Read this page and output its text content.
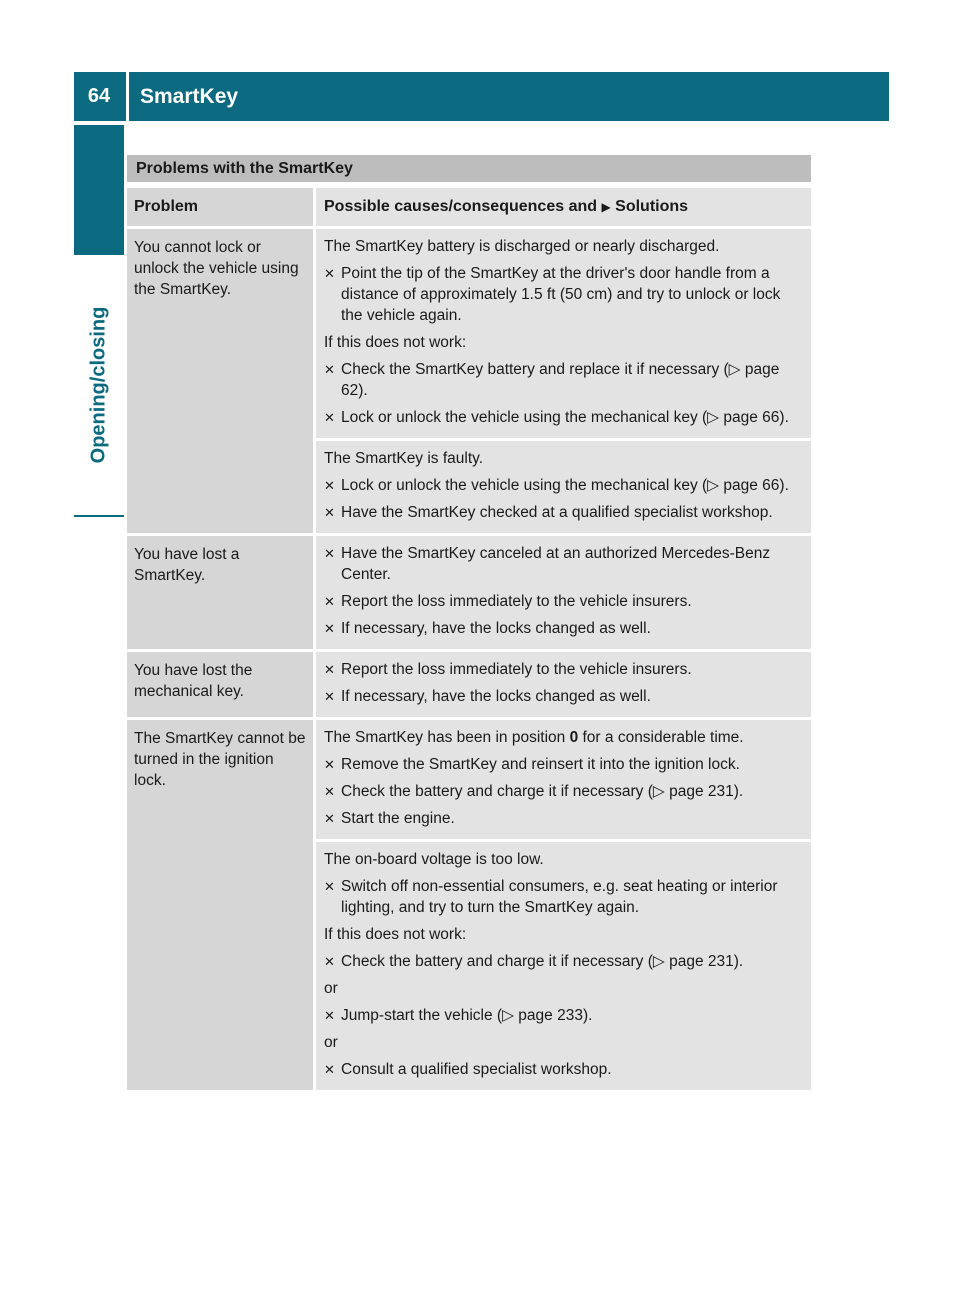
64	SmartKey
Opening/closing
Problems with the SmartKey
Problem	Possible causes/consequences and ▶ Solutions
You cannot lock or unlock the vehicle using the SmartKey.
The SmartKey battery is discharged or nearly discharged.
✕ Point the tip of the SmartKey at the driver's door handle from a distance of approximately 1.5 ft (50 cm) and try to unlock or lock the vehicle again.
If this does not work:
✕ Check the SmartKey battery and replace it if necessary (▷ page 62).
✕ Lock or unlock the vehicle using the mechanical key (▷ page 66).
The SmartKey is faulty.
✕ Lock or unlock the vehicle using the mechanical key (▷ page 66).
✕ Have the SmartKey checked at a qualified specialist workshop.
You have lost a SmartKey.
✕ Have the SmartKey canceled at an authorized Mercedes-Benz Center.
✕ Report the loss immediately to the vehicle insurers.
✕ If necessary, have the locks changed as well.
You have lost the mechanical key.
✕ Report the loss immediately to the vehicle insurers.
✕ If necessary, have the locks changed as well.
The SmartKey cannot be turned in the ignition lock.
The SmartKey has been in position 0 for a considerable time.
✕ Remove the SmartKey and reinsert it into the ignition lock.
✕ Check the battery and charge it if necessary (▷ page 231).
✕ Start the engine.
The on-board voltage is too low.
✕ Switch off non-essential consumers, e.g. seat heating or interior lighting, and try to turn the SmartKey again.
If this does not work:
✕ Check the battery and charge it if necessary (▷ page 231).
or
✕ Jump-start the vehicle (▷ page 233).
or
✕ Consult a qualified specialist workshop.
